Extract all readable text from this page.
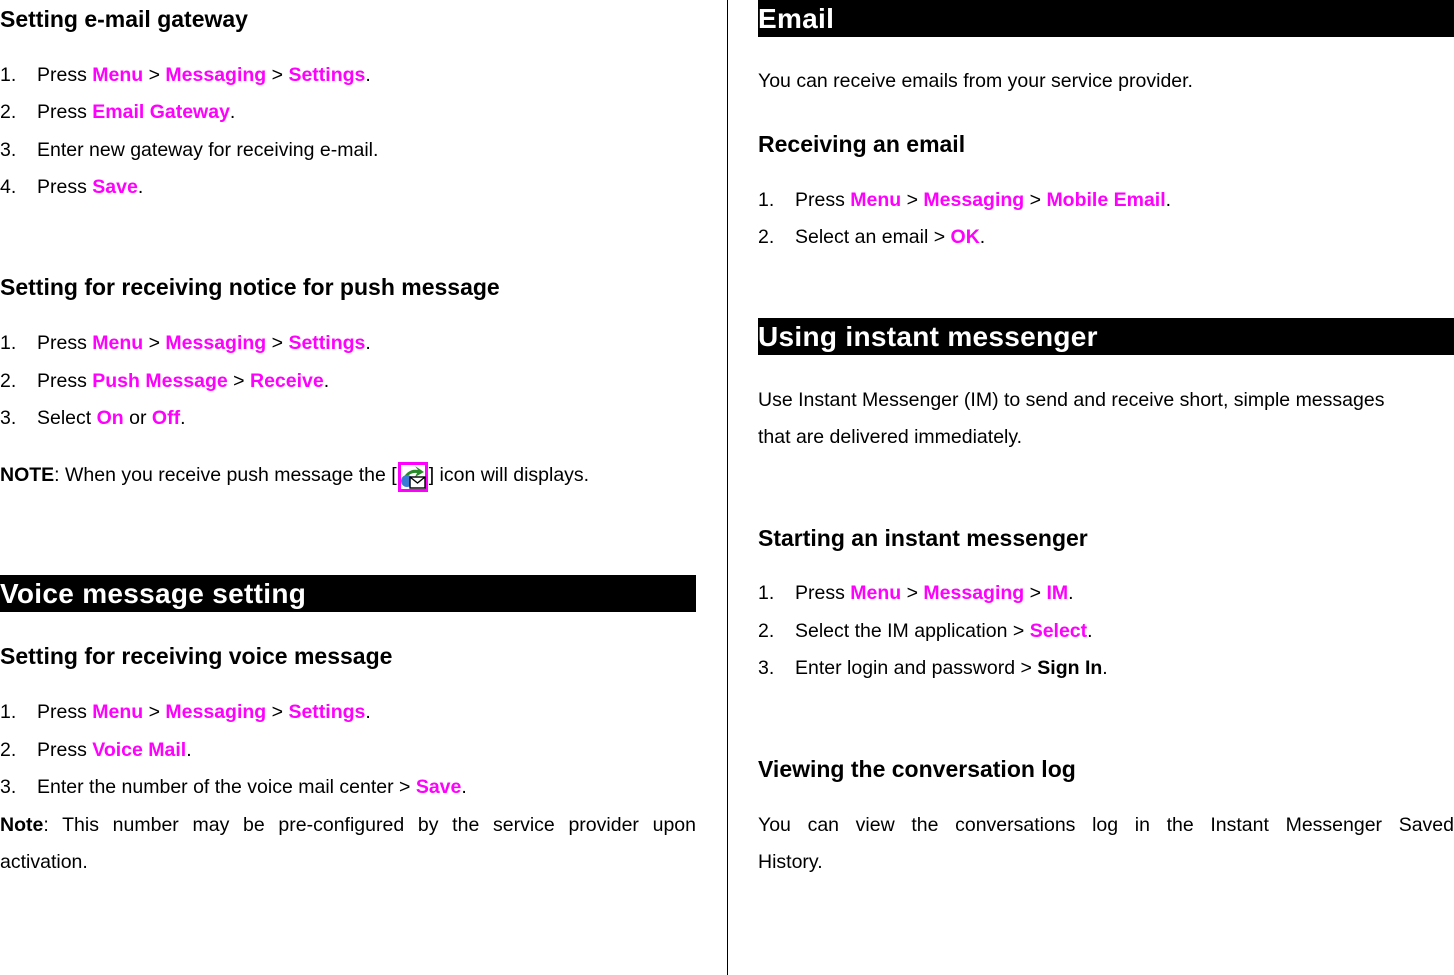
Setting e-mail gateway
1. Press Menu > Messaging > Settings.
2. Press Email Gateway.
3. Enter new gateway for receiving e-mail.
4. Press Save.
Setting for receiving notice for push message
1. Press Menu > Messaging > Settings.
2. Press Push Message > Receive.
3. Select On or Off.
NOTE: When you receive push message the [ ] icon will displays.
Voice message setting
Setting for receiving voice message
1. Press Menu > Messaging > Settings.
2. Press Voice Mail.
3. Enter the number of the voice mail center > Save.
Note: This number may be pre-configured by the service provider upon
activation.
Email
You can receive emails from your service provider.
Receiving an email
1. Press Menu > Messaging > Mobile Email.
2. Select an email > OK.
Using instant messenger
Use Instant Messenger (IM) to send and receive short, simple messages
that are delivered immediately.
Starting an instant messenger
1. Press Menu > Messaging > IM.
2. Select the IM application > Select.
3. Enter login and password > Sign In.
Viewing the conversation log
You can view the conversations log in the Instant Messenger Saved
History.
